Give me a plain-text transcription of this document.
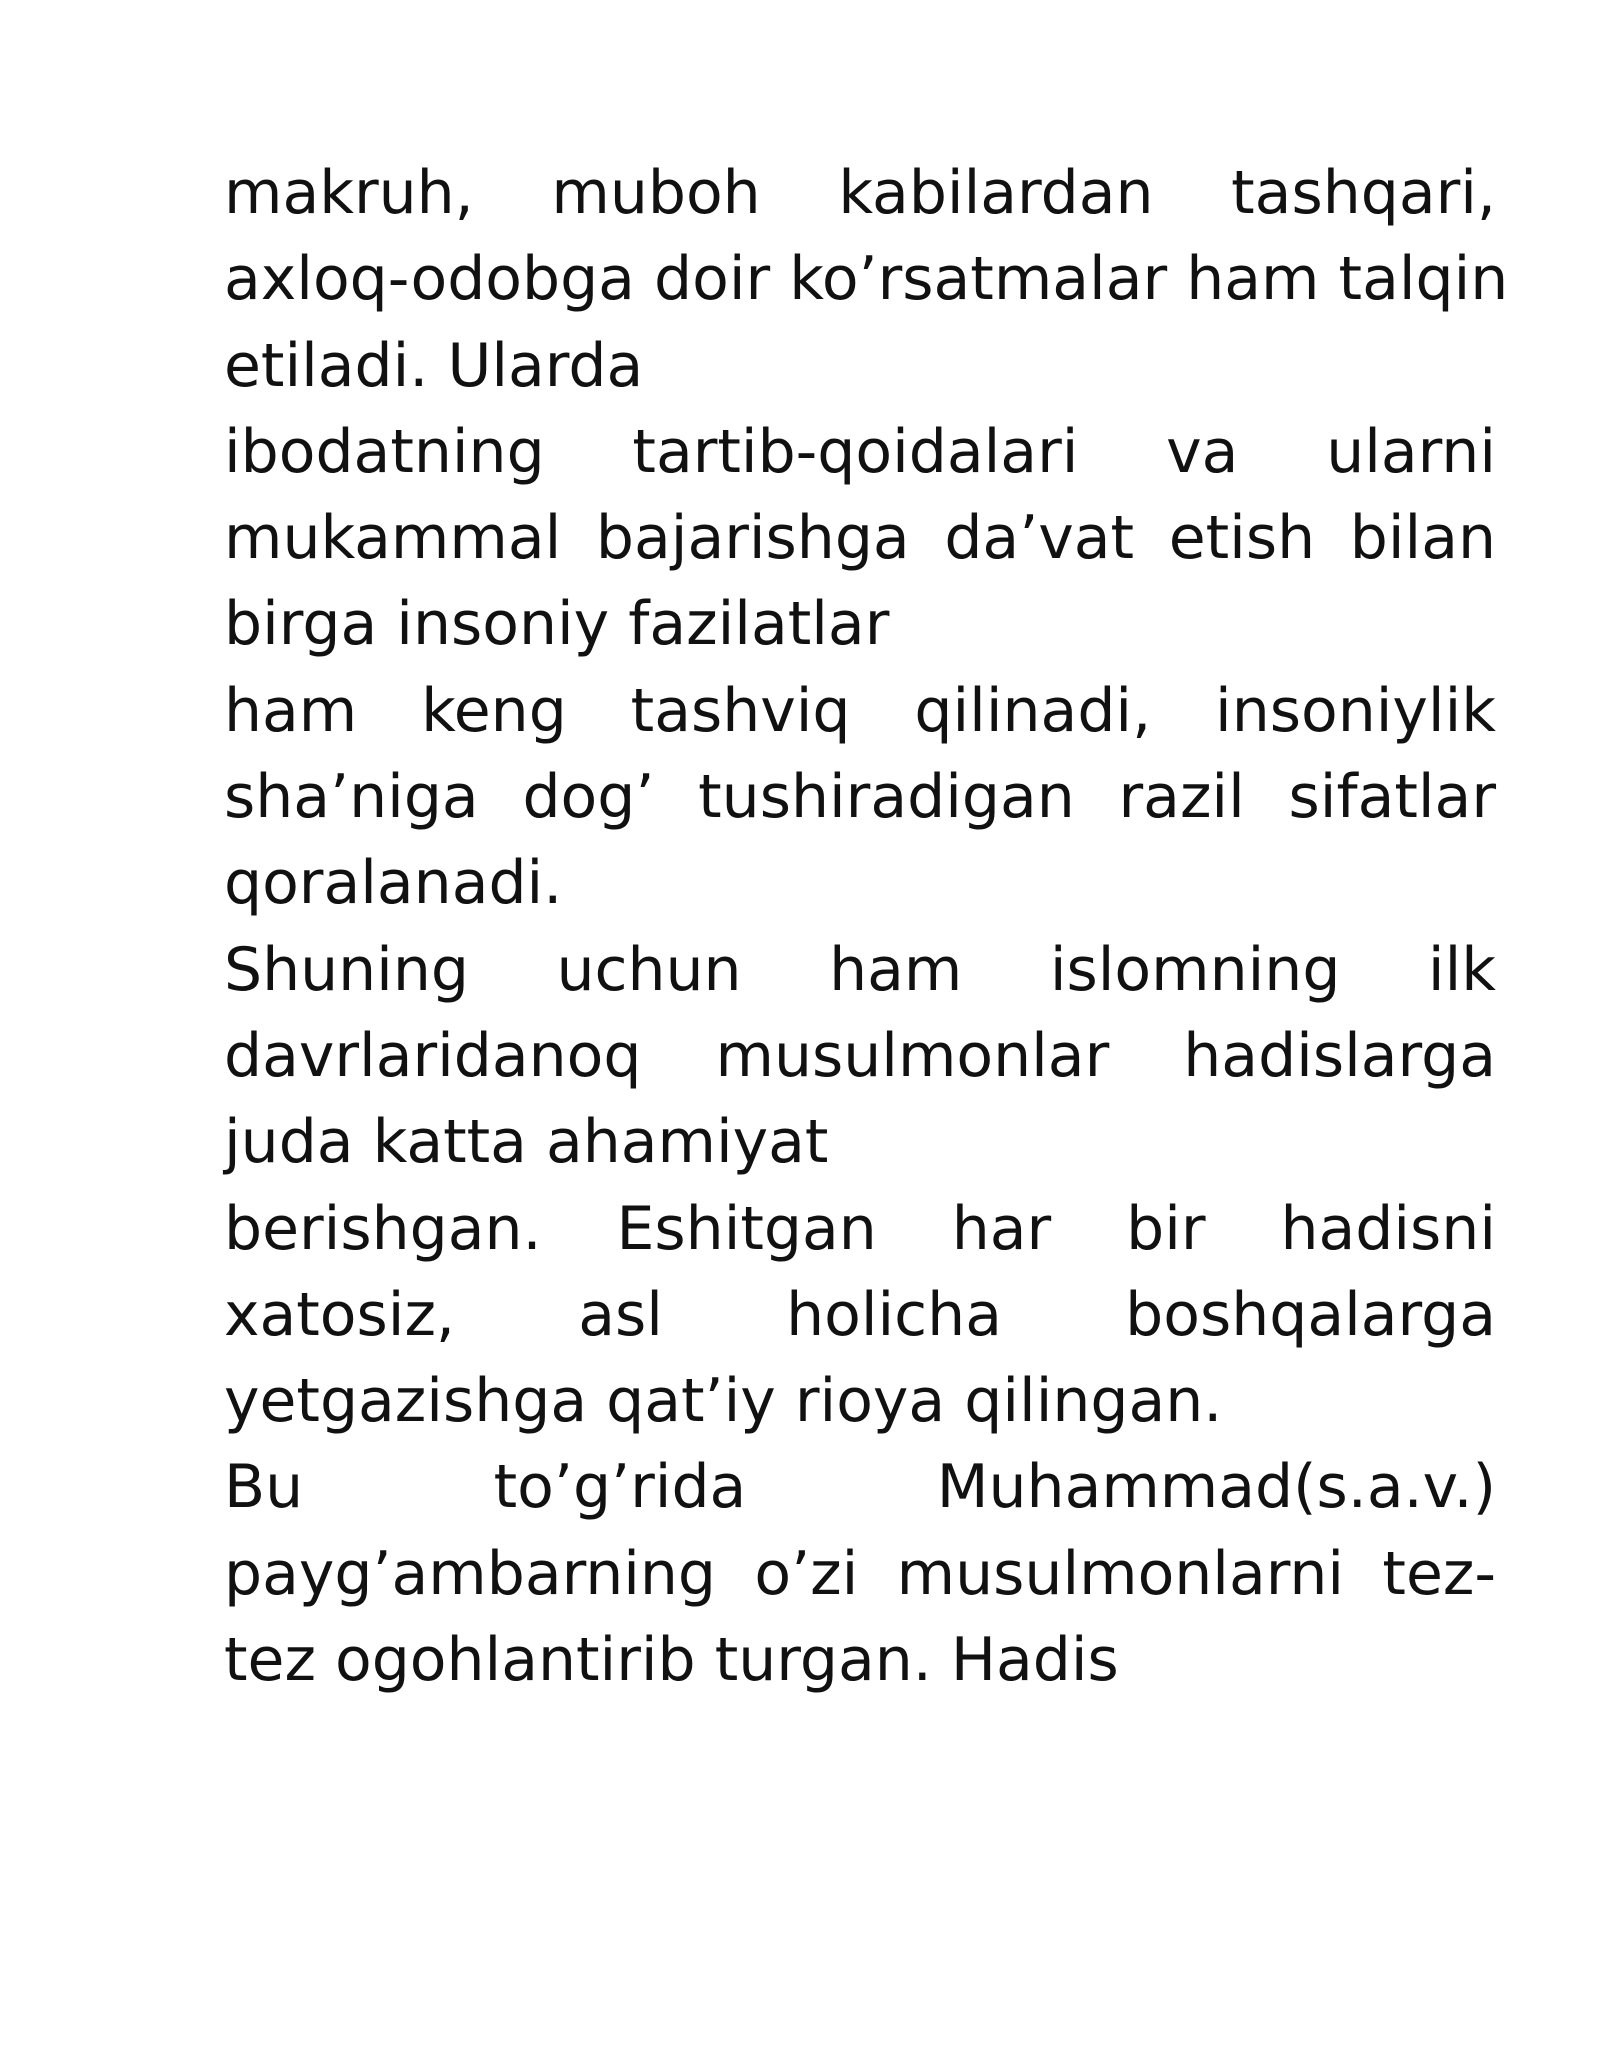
makruh, muboh kabilardan tashqari,
axloq-odobga doir ko’rsatmalar ham talqin
etiladi. Ularda
ibodatning tartib-qoidalari va ularni
mukammal bajarishga da’vat etish bilan
birga insoniy fazilatlar
ham keng tashviq qilinadi, insoniylik
sha’niga dog’ tushiradigan razil sifatlar
qoralanadi.
Shuning uchun ham islomning ilk
davrlaridanoq musulmonlar hadislarga
juda katta ahamiyat
berishgan. Eshitgan har bir hadisni
xatosiz, asl holicha boshqalarga
yetgazishga qat’iy rioya qilingan.
Bu to’g’rida Muhammad(s.a.v.)
payg’ambarning o’zi musulmonlarni tez-
tez ogohlantirib turgan. Hadis
